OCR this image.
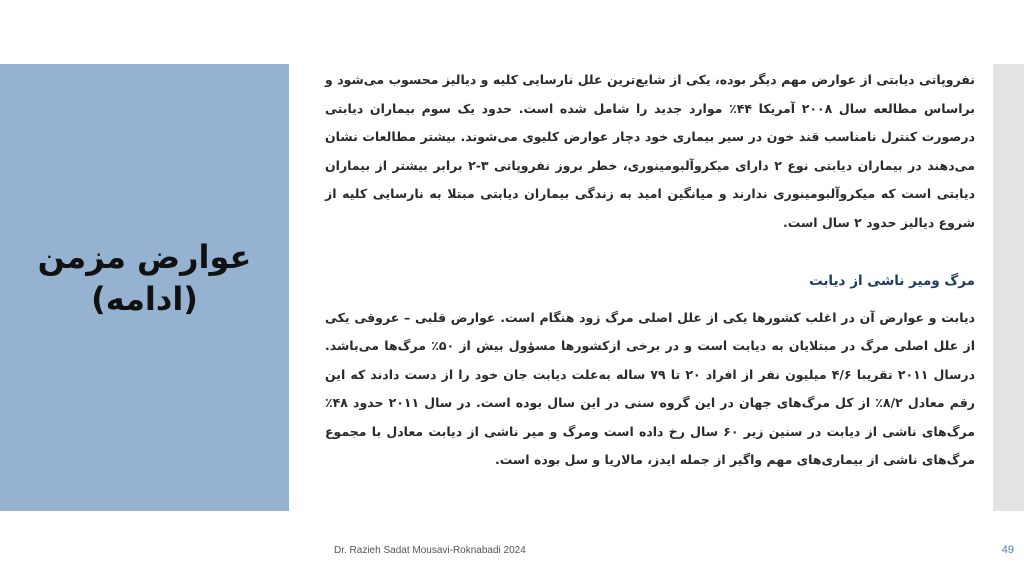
عوارض مزمن
(ادامه)

نفروپاتی دیابتی از عوارض مهم دیگر بوده، یکی از شایع‌ترین علل نارسایی کلیه و دیالیز محسوب می‌شود و براساس مطالعه سال ۲۰۰۸ آمریکا ۴۴٪ موارد جدید را شامل شده است. حدود یک سوم بیماران دیابتی درصورت کنترل نامناسب قند خون در سیر بیماری خود دچار عوارض کلیوی می‌شوند. بیشتر مطالعات نشان می‌دهند در بیماران دیابتی نوع ۲ دارای میکروآلبومینوری، خطر بروز نفروپاتی ۳-۲ برابر بیشتر از بیماران دیابتی است که میکروآلبومینوری ندارند و میانگین امید به زندگی بیماران دیابتی مبتلا به نارسایی کلیه از شروع دیالیز حدود ۲ سال است.

مرگ ومیر ناشی از دیابت

دیابت و عوارض آن در اغلب کشورها یکی از علل اصلی مرگ زود هنگام است. عوارض قلبی – عروقی یکی از علل اصلی مرگ در مبتلایان به دیابت است و در برخی ازکشورها مسؤول بیش از ۵۰٪ مرگ‌ها می‌باشد. درسال ۲۰۱۱ تقریبا ۴/۶ میلیون نفر از افراد ۲۰ تا ۷۹ ساله به‌علت دیابت جان خود را از دست دادند که این رقم معادل ۸/۲٪ از کل مرگ‌های جهان در این گروه سنی در این سال بوده است. در سال ۲۰۱۱ حدود ۴۸٪ مرگ‌های ناشی از دیابت در سنین زیر ۶۰ سال رخ داده است ومرگ و میر ناشی از دیابت معادل با مجموع مرگ‌های ناشی از بیماری‌های مهم واگیر از جمله ایدز، مالاریا و سل بوده است.

Dr. Razieh Sadat Mousavi-Roknabadi 2024	49
